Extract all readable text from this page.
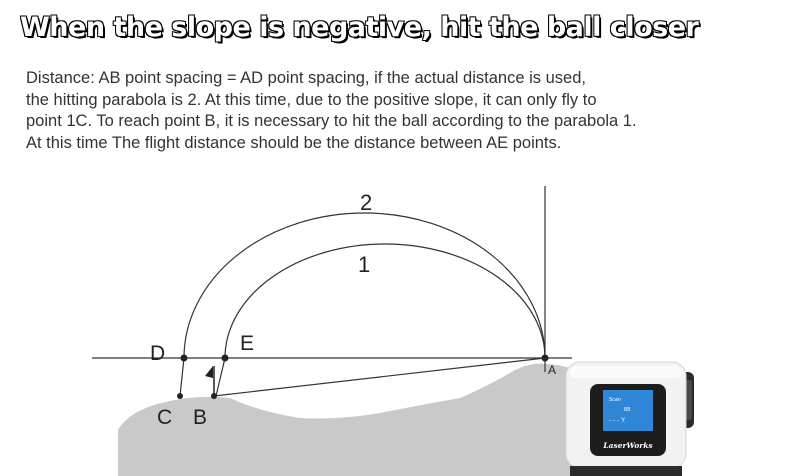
When the slope is negative, hit the ball closer
Distance: AB point spacing = AD point spacing, if the actual distance is used,
the hitting parabola is 2. At this time, due to the positive slope, it can only fly to
point 1C. To reach point B, it is necessary to hit the ball according to the parabola 1.
At this time The flight distance should be the distance between AE points.
2
1
D	E
A
C B
Scan
88
- - - Y
LaserWorks
